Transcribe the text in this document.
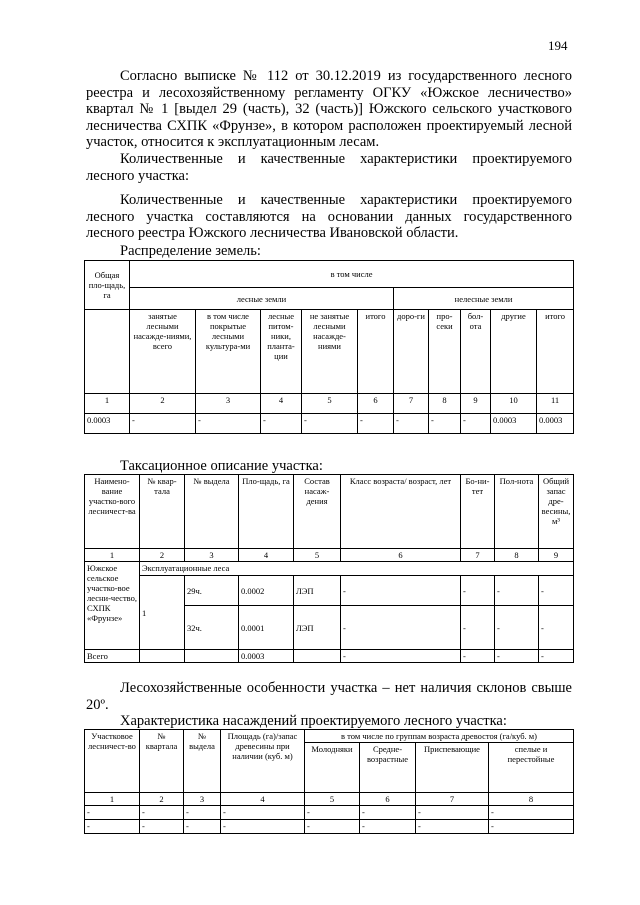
194

Согласно выписке № 112 от 30.12.2019 из государственного лесного реестра и лесохозяйственному регламенту ОГКУ «Южское лесничество» квартал № 1 [выдел 29 (часть), 32 (часть)] Южского сельского участкового лесничества СХПК «Фрунзе», в котором расположен проектируемый лесной участок, относится к эксплуатационным лесам.

Количественные и качественные характеристики проектируемого лесного участка:

Количественные и качественные характеристики проектируемого лесного участка составляются на основании данных государственного лесного реестра Южского лесничества Ивановской области.

Распределение земель:
Общая пло-щадь, га	в том числе									
	лесные земли					нелесные земли				
	занятые лесными насажде-ниями, всего	в том числе покрытые лесными культура-ми	лесные питом-ники, планта-ции	не занятые лесными насажде-ниями	итого	доро-ги	про-секи	бол-ота	другие	итого
1	2	3	4	5	6	7	8	9	10	11
0.0003	-	-	-	-	-	-	-	-	0.0003	0.0003
Таксационное описание участка:
Наимено-вание участко-вого лесничест-ва	№ квар-тала	№ выдела	Пло-щадь, га	Состав насаж-дения	Класс возраста/ возраст, лет	Бо-ни-тет	Пол-нота	Общий запас дре-весины, м³
1	2	3	4	5	6	7	8	9
Южское сельское участко-вое лесни-чество, СХПК «Фрунзе»	Эксплуатационные леса							
	1	29ч.	0.0002	ЛЭП	-	-	-	-
		32ч.	0.0001	ЛЭП	-	-	-	-
Всего			0.0003		-	-	-	-

Лесохозяйственные особенности участка – нет наличия склонов свыше 20º.

Характеристика насаждений проектируемого лесного участка:
Участковое лесничест-во	№ квартала	№ выдела	Площадь (га)/запас древесины при наличии (куб. м)	в том числе по группам возраста древостоя (га/куб. м)			
				Молодняки	Средне-возрастные	Приспевающие	спелые и перестойные
1	2	3	4	5	6	7	8
-	-	-	-	-	-	-	-
-	-	-	-	-	-	-	-
